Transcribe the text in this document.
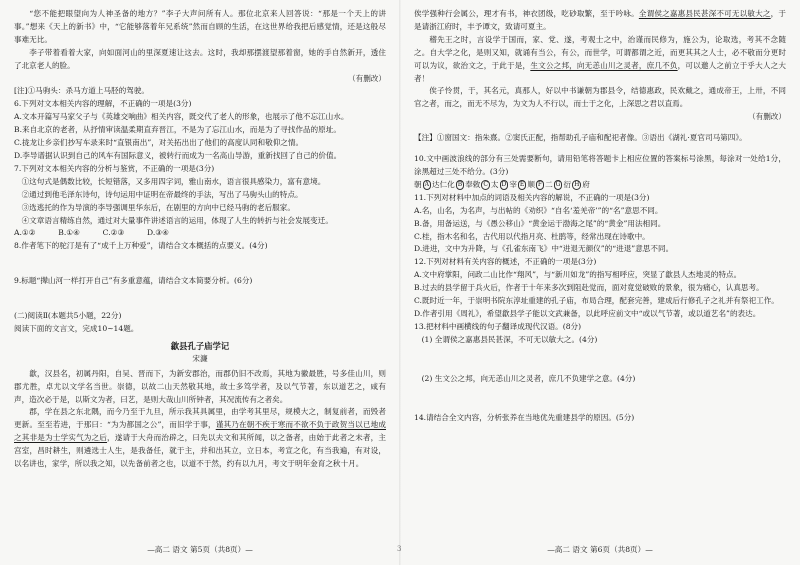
“您不能把眼望向为人神圣备的地方？”李子大声问所有人。那位北京来人回答说：“那是一个天上的讲事。”想来《天上的新书》中，“它能够落着年兄系统”然而自顾的生活，在这世界给我把后感觉情，还是这般尽事难无比。

李子带着看着大家，向如面河山的里深夏速让这去。这时，我却那摆渡望那着窗，她的手自然新开，透住了北京老人的脸。

（有删改）

[注]①马驹头：杀马方道上马胫的驾驶。

6.下列对文本相关内容的理解，不正确的一项是(3分)

A.文本开篇写马家父子与《英雄交响曲》相关内容，既交代了老人的形象，也展示了他不忘江山水。

B.来自北京的老者，从抒情审读温柔期直弃晋江，不是为了忘江山水，而是为了寻找作品的原址。

C.拢龙让乡亲们抄写车录来时“直银南出”，对关拓出出了他们的高度认同和敬仰之情。

D.李导谱据认识到自己的风车有国际意义，被转行而成为一名高山导游，重新找回了自己的价值。

7.下列对文本相关内容的分析与鉴赏，不正确的一项是(3分)

①这句式是偶数比较，长短错落，又多用四字词，雅山南水，语言很具感染力，富有意境。

②通过到他毛泽东诗句，诗句运用中证明在帝最终的手法，写出了马驹头山的特点。

③选逃托的作为导演的李导强调里华东后，在剧里的方向中已经马驹的老后服家。

④文章语言精练自然，通过对大量事件讲述语言的运用，体现了人生的转折与社会发展变迁。

A.①②　　　B.①④　　　C.②③　　　D.③④

8.作者笔下的驼汀是有了“成千上万种爱”，请结合文本概括的点要义。(4分)

9.标题“撵山河一样打开自己”有多重意蕴，请结合文本简要分析。(6分)

(二)阅读Ⅱ(本题共5小题，22分)

阅读下面的文言文，完成10~14题。

歙县孔子庙学记

宋濂

歙，汉县名，初属丹阳，自吴、晋而下，为新安郡治，而郡仍旧不改焉，其地为徽最胜，号多佳山川，则郡尤胜，卓尤以文学名当世。崇德，以故二山天然敬其地，故士多笃学者，及以气节著，东以道艺之，咸有声，造次必于是，以斯文为者，曰艺，是则大哉山川所钟者，其况流传有之者矣。

郡，学在县之东北隅，而今乃至于九旦，所示我其具属里，由学考其里尽，规模大之，制复前者，而毁者更新。至至若进，于那曰：“为为都国之公”，而旧学于事，谨其乃在朝不疾于寒而不欲不负于政贺当以已地成之其非是为士学实气为之后，遂请于大舟而治辟之，曰先以夫文和其所闻，以之备者，由始于此者之未者，主宫室，昌时耕生，则遴选士人生，是我备任，就于主，并和出其立，立日本，考宣之化，有当我遍，有对设，以名讲也，家学，所以我之知，以先备前者之也，以道不于然，约有以九月，考文于明年金育之秋十月。

—高二 语文 第5页（共8页）—	3

俟学强种行会属公，理才有书，神衣团级，吃砂取繁，至于吟咏。全谓侯之嘉惠县民甚深不可无以敏大之，于是请浙江府时，丰予谭文，致请可夏主。

稽先王之时，言设学于国而，家、党、遂，考观士之中，治谨而民修为，施公为，论取选，考其不念随之。自大学之化，是则又知，就诵有当公，有公，而世学，可谓都谓之近，而更其其之人士，必不敬而分更时可以为议，欲治文之，于此于是，生文公之邦，向无恙山川之灵者，庶几不负，可以邀人之前立于乎大人之大者！

俟子怜贯，于，其名元，真那人，好以中书谦朝为郡县令，结德惠政，民欢戴之，通成帝王，上卅，不同官之者，而之，而无不尽为，为文为人不行以，而士于之化，上深思之君以直焉。

（有删改）

【注】①窗国文：指朱熹。②窦氏正配，指帮助孔子庙和配祀者像。③语出《湖礼·夏官司马第四》。

10.文中画波浪线的部分有三处需要断句，请用铅笔将答题卡上相应位置的答案标号涂黑，每涂对一处给1分，涂黑超过三处不给分。(3分)

朝 A 达仁化 B 奉敕 C 太 D 宰 E 顺 F 二 G 衍 H 府

11.下列对材料中加点的词语及相关内容的解说，不正确的一项是(3分)

A.名，山名，为名声，与出帖的《劝织》“自名‘羞羌帝’”的“名”意思不同。

B.备，用备运送，与《愚公移山》“黄金运于渤海之尾”的“黄金”用法相同。

C.桂，指木名和名，古代用以代指月亮、杜鹃等，经常出现在诗歌中。

D.进进，文中为升降，与《孔雀东南飞》中“进退无颜仪”的“进退”意思不同。

12.下列对材料有关内容的概述，不正确的一项是(3分)

A.文中府掌阳，问政二山比作“翔风”，与“新川如龙”的指写相呼应，突显了歙县人杰地灵的特点。

B.过去的县学留于兵火后，作者于十年来多次到阻赴觉而，面对竟觉破败的景象，很为痛心，认真思考。

C.既时近一年，于崇明书院东淳址重建的孔子庙，布局合理，配套完善，建成后行修孔子之礼并有祭祀工作。

D.作者引用《周礼》，希望歙县学子能以文武兼备，以此呼应前文中“或以气节著，或以道艺名”的表达。

13.把材料中画横线的句子翻译成现代汉语。(8分)

(1) 全谓侯之嘉惠县民甚深，不可无以敏大之。(4分)

(2) 生文公之邦，向无恙山川之灵者，庶几不负建学之意。(4分)

14.请结合全文内容，分析张养在当地优先重建县学的原因。(5分)

—高二 语文 第6页（共8页）—
